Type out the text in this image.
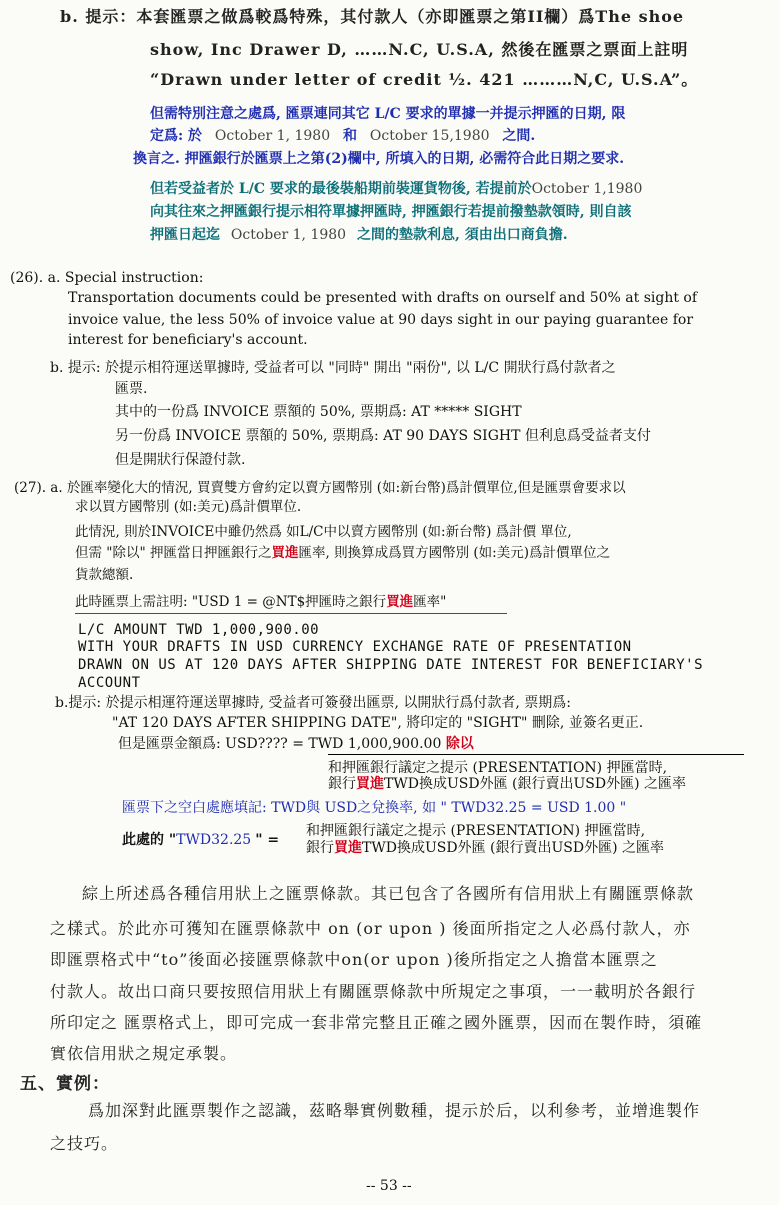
b. 提示：本套匯票之做爲較爲特殊，其付款人（亦即匯票之第II欄）爲The shoe
show, Inc Drawer D, ……N.C, U.S.A, 然後在匯票之票面上註明
“Drawn under letter of credit ½. 421 ………N,C, U.S.A”。
但需特別注意之處爲, 匯票連同其它 L/C 要求的單據一并提示押匯的日期, 限
定爲: 於 October 1, 1980 和 October 15,1980 之間.
換言之. 押匯銀行於匯票上之第(2)欄中, 所填入的日期, 必需符合此日期之要求.
但若受益者於 L/C 要求的最後裝船期前裝運貨物後, 若提前於October 1,1980
向其往來之押匯銀行提示相符單據押匯時, 押匯銀行若提前撥墊款領時, 則自該
押匯日起迄 October 1, 1980 之間的墊款利息, 須由出口商負擔.
(26). a. Special instruction:
Transportation documents could be presented with drafts on ourself and 50% at sight of
invoice value, the less 50% of invoice value at 90 days sight in our paying guarantee for
interest for beneficiary's account.
b. 提示: 於提示相符運送單據時, 受益者可以 "同時" 開出 "兩份", 以 L/C 開狀行爲付款者之
匯票.
其中的一份爲 INVOICE 票額的 50%, 票期爲: AT ***** SIGHT
另一份爲 INVOICE 票額的 50%, 票期爲: AT 90 DAYS SIGHT 但利息爲受益者支付
但是開狀行保證付款.
(27). a. 於匯率變化大的情況, 買賣雙方會約定以賣方國幣別 (如:新台幣)爲計價單位,但是匯票會要求以
求以買方國幣別 (如:美元)爲計價單位.
此情況, 則於INVOICE中雖仍然爲 如L/C中以賣方國幣別 (如:新台幣) 爲計價 單位,
但需 "除以" 押匯當日押匯銀行之買進匯率, 則換算成爲買方國幣別 (如:美元)爲計價單位之
貨款總額.
此時匯票上需註明: "USD 1 = @NT$押匯時之銀行買進匯率"
L/C AMOUNT TWD 1,000,900.00
WITH YOUR DRAFTS IN USD CURRENCY EXCHANGE RATE OF PRESENTATION
DRAWN ON US AT 120 DAYS AFTER SHIPPING DATE INTEREST FOR BENEFICIARY'S
ACCOUNT
b.提示: 於提示相運符運送單據時, 受益者可簽發出匯票, 以開狀行爲付款者, 票期爲:
"AT 120 DAYS AFTER SHIPPING DATE", 將印定的 "SIGHT" 刪除, 並簽名更正.
但是匯票金額爲: USD???? = TWD 1,000,900.00 除以
和押匯銀行議定之提示 (PRESENTATION) 押匯當時,
銀行買進TWD換成USD外匯 (銀行賣出USD外匯) 之匯率
匯票下之空白處應填記: TWD與 USD之兌換率, 如 " TWD32.25 = USD 1.00 "
此處的 "TWD32.25 " =
和押匯銀行議定之提示 (PRESENTATION) 押匯當時,
銀行買進TWD換成USD外匯 (銀行賣出USD外匯) 之匯率
綜上所述爲各種信用狀上之匯票條款。其已包含了各國所有信用狀上有關匯票條款
之樣式。於此亦可獲知在匯票條款中 on (or upon ) 後面所指定之人必爲付款人，亦
即匯票格式中“to”後面必接匯票條款中on(or upon )後所指定之人擔當本匯票之
付款人。故出口商只要按照信用狀上有關匯票條款中所規定之事項，一一載明於各銀行
所印定之 匯票格式上，即可完成一套非常完整且正確之國外匯票，因而在製作時，須確
實依信用狀之規定承製。
五、實例：
爲加深對此匯票製作之認識，茲略舉實例數種，提示於后，以利參考，並增進製作
之技巧。
-- 53 --
